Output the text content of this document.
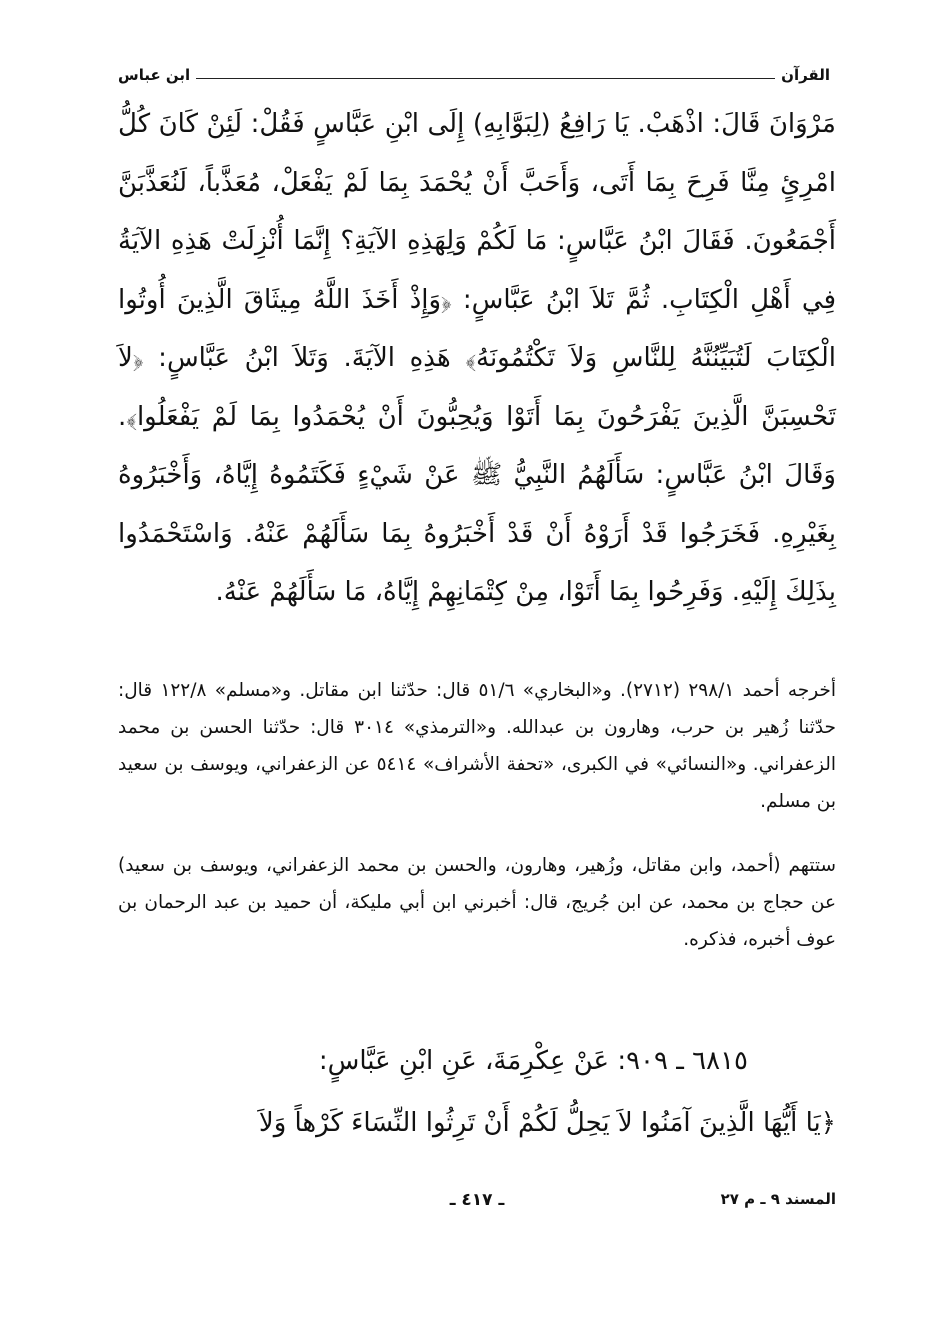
القرآن
ابن عباس
مَرْوَانَ قَالَ: اذْهَبْ. يَا رَافِعُ (لِبَوَّابِهِ) إِلَى ابْنِ عَبَّاسٍ فَقُلْ: لَئِنْ كَانَ كُلُّ امْرِئٍ مِنَّا فَرِحَ بِمَا أَتَى، وَأَحَبَّ أَنْ يُحْمَدَ بِمَا لَمْ يَفْعَلْ، مُعَذَّباً، لَنُعَذَّبَنَّ أَجْمَعُونَ. فَقَالَ ابْنُ عَبَّاسٍ: مَا لَكُمْ وَلِهَذِهِ الآيَةِ؟ إِنَّمَا أُنْزِلَتْ هَذِهِ الآيَةُ فِي أَهْلِ الْكِتَابِ. ثُمَّ تَلاَ ابْنُ عَبَّاسٍ: ﴿وَإِذْ أَخَذَ اللَّهُ مِيثَاقَ الَّذِينَ أُوتُوا الْكِتَابَ لَتُبَيِّنُنَّهُ لِلنَّاسِ وَلاَ تَكْتُمُونَهُ﴾ هَذِهِ الآيَةَ. وَتَلاَ ابْنُ عَبَّاسٍ: ﴿لاَ تَحْسِبَنَّ الَّذِينَ يَفْرَحُونَ بِمَا أَتَوْا وَيُحِبُّونَ أَنْ يُحْمَدُوا بِمَا لَمْ يَفْعَلُوا﴾. وَقَالَ ابْنُ عَبَّاسٍ: سَأَلَهُمُ النَّبِيُّ ﷺ عَنْ شَيْءٍ فَكَتَمُوهُ إِيَّاهُ، وَأَخْبَرُوهُ بِغَيْرِهِ. فَخَرَجُوا قَدْ أَرَوْهُ أَنْ قَدْ أَخْبَرُوهُ بِمَا سَأَلَهُمْ عَنْهُ. وَاسْتَحْمَدُوا بِذَلِكَ إِلَيْهِ. وَفَرِحُوا بِمَا أَتَوْا، مِنْ كِتْمَانِهِمْ إِيَّاهُ، مَا سَأَلَهُمْ عَنْهُ.
أخرجه أحمد ٢٩٨/١ (٢٧١٢). و«البخاري» ٥١/٦ قال: حدّثنا ابن مقاتل. و«مسلم» ١٢٢/٨ قال: حدّثنا زُهير بن حرب، وهارون بن عبدالله. و«الترمذي» ٣٠١٤ قال: حدّثنا الحسن بن محمد الزعفراني. و«النسائي» في الكبرى، «تحفة الأشراف» ٥٤١٤ عن الزعفراني، ويوسف بن سعيد بن مسلم.
ستتهم (أحمد، وابن مقاتل، وزُهير، وهارون، والحسن بن محمد الزعفراني، ويوسف بن سعيد) عن حجاج بن محمد، عن ابن جُريج، قال: أخبرني ابن أبي مليكة، أن حميد بن عبد الرحمان بن عوف أخبره، فذكره.
٦٨١٥ ـ ٩٠٩: عَنْ عِكْرِمَةَ، عَنِ ابْنِ عَبَّاسٍ:
﴿يَا أَيُّهَا الَّذِينَ آمَنُوا لاَ يَحِلُّ لَكُمْ أَنْ تَرِثُوا النِّسَاءَ كَرْهاً وَلاَ
المسند ٩ ـ م ٢٧
ـ ٤١٧ ـ
